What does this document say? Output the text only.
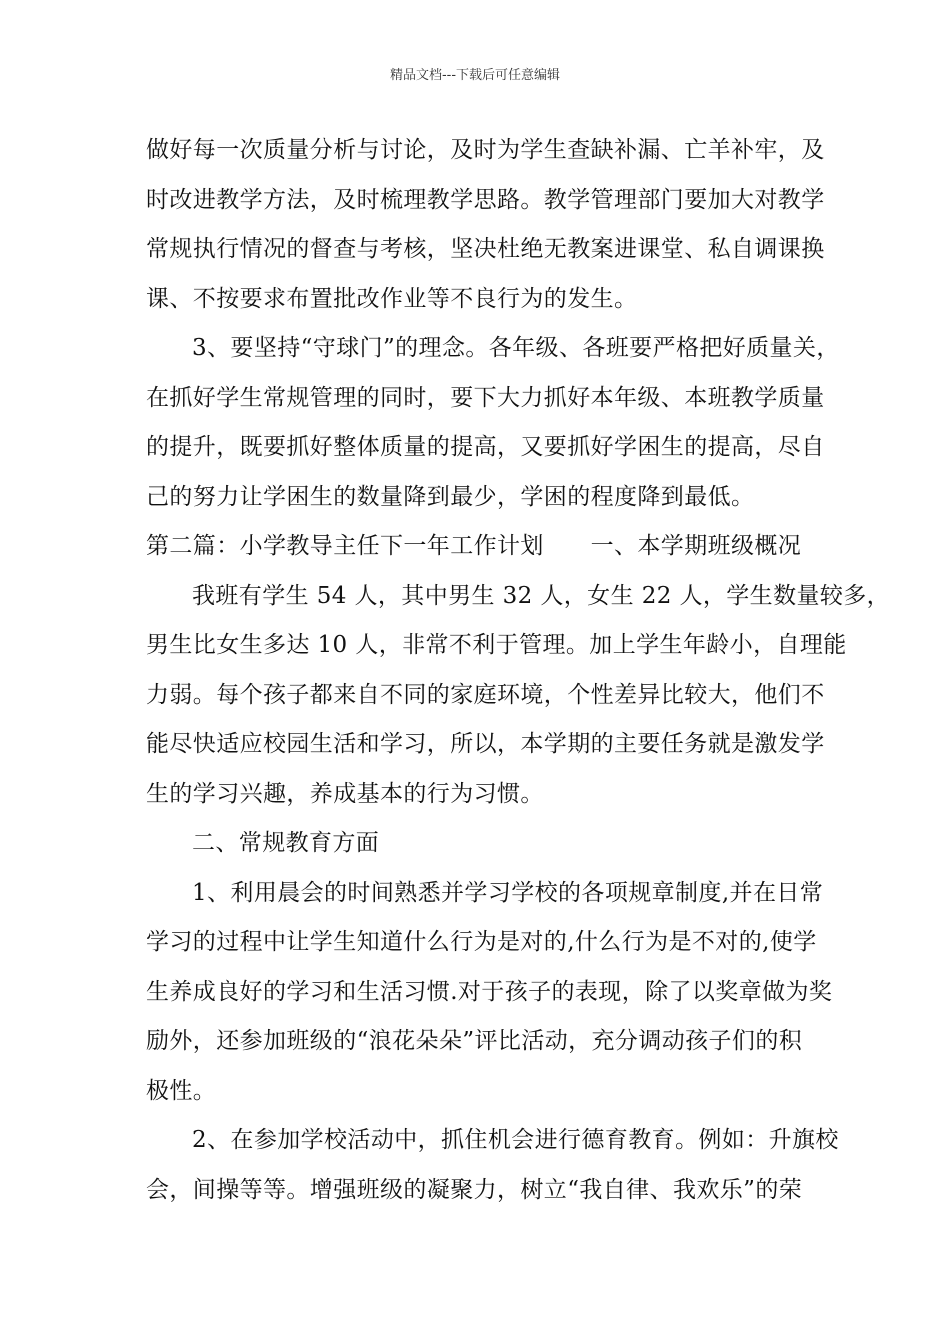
精品文档---下载后可任意编辑
做好每一次质量分析与讨论，及时为学生查缺补漏、亡羊补牢，及
时改进教学方法，及时梳理教学思路。教学管理部门要加大对教学
常规执行情况的督查与考核，坚决杜绝无教案进课堂、私自调课换
课、不按要求布置批改作业等不良行为的发生。
3、要坚持“守球门”的理念。各年级、各班要严格把好质量关，
在抓好学生常规管理的同时，要下大力抓好本年级、本班教学质量
的提升，既要抓好整体质量的提高，又要抓好学困生的提高，尽自
己的努力让学困生的数量降到最少，学困的程度降到最低。
第二篇：小学教导主任下一年工作计划　　一、本学期班级概况
我班有学生 54 人，其中男生 32 人，女生 22 人，学生数量较多，
男生比女生多达 10 人，非常不利于管理。加上学生年龄小，自理能
力弱。每个孩子都来自不同的家庭环境，个性差异比较大，他们不
能尽快适应校园生活和学习，所以，本学期的主要任务就是激发学
生的学习兴趣，养成基本的行为习惯。
二、常规教育方面
1、利用晨会的时间熟悉并学习学校的各项规章制度,并在日常
学习的过程中让学生知道什么行为是对的,什么行为是不对的,使学
生养成良好的学习和生活习惯.对于孩子的表现，除了以奖章做为奖
励外，还参加班级的“浪花朵朵”评比活动，充分调动孩子们的积
极性。
2、在参加学校活动中，抓住机会进行德育教育。例如：升旗校
会，间操等等。增强班级的凝聚力，树立“我自律、我欢乐”的荣
